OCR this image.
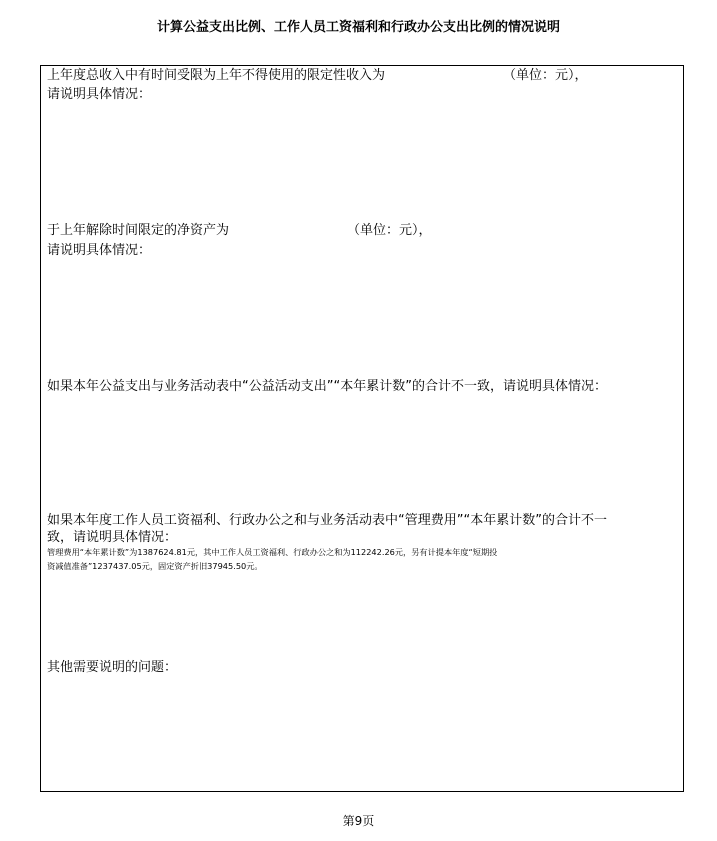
计算公益支出比例、工作人员工资福利和行政办公支出比例的情况说明
上年度总收入中有时间受限为上年不得使用的限定性收入为	（单位：元），
请说明具体情况：
于上年解除时间限定的净资产为	（单位：元），
请说明具体情况：
如果本年公益支出与业务活动表中“公益活动支出”“本年累计数”的合计不一致，请说明具体情况：
如果本年度工作人员工资福利、行政办公之和与业务活动表中“管理费用”“本年累计数”的合计不一
致，请说明具体情况：
管理费用“本年累计数”为1387624.81元，其中工作人员工资福利、行政办公之和为112242.26元，另有计提本年度“短期投
资减值准备”1237437.05元，固定资产折旧37945.50元。
其他需要说明的问题：
第9页
